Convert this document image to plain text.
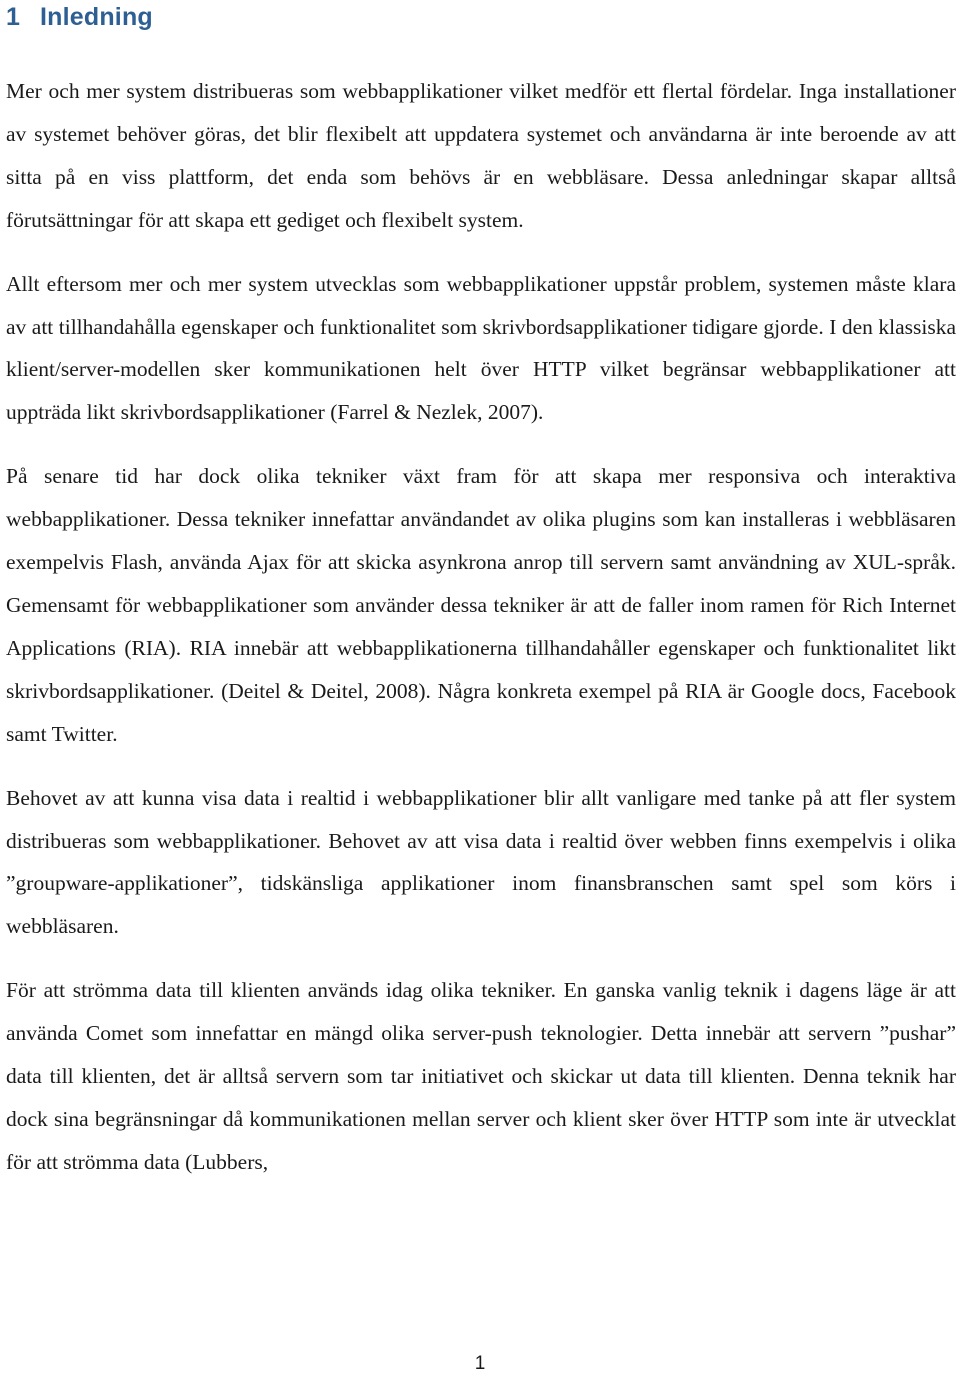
1 Inledning

Mer och mer system distribueras som webbapplikationer vilket medför ett flertal fördelar. Inga installationer av systemet behöver göras, det blir flexibelt att uppdatera systemet och användarna är inte beroende av att sitta på en viss plattform, det enda som behövs är en webbläsare. Dessa anledningar skapar alltså förutsättningar för att skapa ett gediget och flexibelt system.

Allt eftersom mer och mer system utvecklas som webbapplikationer uppstår problem, systemen måste klara av att tillhandahålla egenskaper och funktionalitet som skrivbordsapplikationer tidigare gjorde. I den klassiska klient/server-modellen sker kommunikationen helt över HTTP vilket begränsar webbapplikationer att uppträda likt skrivbordsapplikationer (Farrel & Nezlek, 2007).

På senare tid har dock olika tekniker växt fram för att skapa mer responsiva och interaktiva webbapplikationer. Dessa tekniker innefattar användandet av olika plugins som kan installeras i webbläsaren exempelvis Flash, använda Ajax för att skicka asynkrona anrop till servern samt användning av XUL-språk. Gemensamt för webbapplikationer som använder dessa tekniker är att de faller inom ramen för Rich Internet Applications (RIA). RIA innebär att webbapplikationerna tillhandahåller egenskaper och funktionalitet likt skrivbordsapplikationer. (Deitel & Deitel, 2008). Några konkreta exempel på RIA är Google docs, Facebook samt Twitter.

Behovet av att kunna visa data i realtid i webbapplikationer blir allt vanligare med tanke på att fler system distribueras som webbapplikationer. Behovet av att visa data i realtid över webben finns exempelvis i olika ”groupware-applikationer”, tidskänsliga applikationer inom finansbranschen samt spel som körs i webbläsaren.

För att strömma data till klienten används idag olika tekniker. En ganska vanlig teknik i dagens läge är att använda Comet som innefattar en mängd olika server-push teknologier. Detta innebär att servern ”pushar” data till klienten, det är alltså servern som tar initiativet och skickar ut data till klienten. Denna teknik har dock sina begränsningar då kommunikationen mellan server och klient sker över HTTP som inte är utvecklat för att strömma data (Lubbers,

1
